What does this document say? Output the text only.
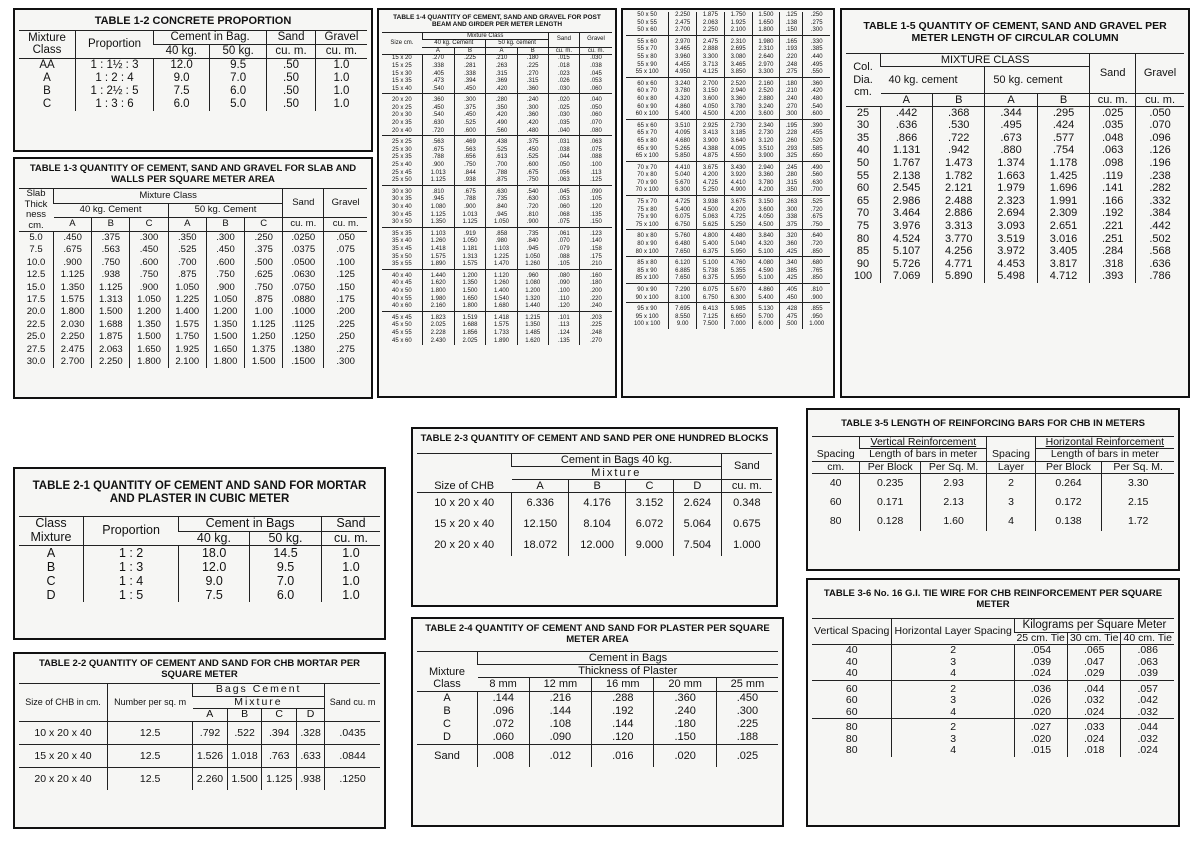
TABLE 1-2 CONCRETE PROPORTION
Mixture Class	Proportion	Cement in Bag.		Sand	Gravel
		40 kg.	50 kg.	cu. m.	cu. m.
AA	1 : 1½ : 3	12.0	9.5	.50	1.0
A	1 : 2 : 4	9.0	7.0	.50	1.0
B	1 : 2½ : 5	7.5	6.0	.50	1.0
C	1 : 3 : 6	6.0	5.0	.50	1.0
TABLE 1-3 QUANTITY OF CEMENT, SAND AND GRAVEL FOR SLAB AND WALLS PER SQUARE METER AREA
Slab Thick ness cm.	Mixture Class						Sand	Gravel
	40 kg. Cement			50 kg. Cement				
	A	B	C	A	B	C	cu. m.	cu. m.
5.0	.450	.375	.300	.350	.300	.250	.0250	.050
7.5	.675	.563	.450	.525	.450	.375	.0375	.075
10.0	.900	.750	.600	.700	.600	.500	.0500	.100
12.5	1.125	.938	.750	.875	.750	.625	.0630	.125
15.0	1.350	1.125	.900	1.050	.900	.750	.0750	.150
17.5	1.575	1.313	1.050	1.225	1.050	.875	.0880	.175
20.0	1.800	1.500	1.200	1.400	1.200	1.00	.1000	.200
22.5	2.030	1.688	1.350	1.575	1.350	1.125	.1125	.225
25.0	2.250	1.875	1.500	1.750	1.500	1.250	.1250	.250
27.5	2.475	2.063	1.650	1.925	1.650	1.375	.1380	.275
30.0	2.700	2.250	1.800	2.100	1.800	1.500	.1500	.300
TABLE 1-4 QUANTITY OF CEMENT, SAND AND GRAVEL FOR POST BEAM AND GIRDER PER METER LENGTH
Size cm.	Mixture Class				Sand	Gravel
	40 kg. Cement		50 kg. cement			
	A	B	A	B	cu. m.	cu. m.
15 x 20	.270	.225	.210	.180	.015	.030
15 x 25	.338	.281	.263	.225	.018	.038
15 x 30	.405	.338	.315	.270	.023	.045
15 x 35	.473	.394	.369	.315	.026	.053
15 x 40	.540	.450	.420	.360	.030	.060
20 x 20	.360	.300	.280	.240	.020	.040
20 x 25	.450	.375	.350	.300	.025	.050
20 x 30	.540	.450	.420	.360	.030	.060
20 x 35	.630	.525	.490	.420	.035	.070
20 x 40	.720	.600	.560	.480	.040	.080
25 x 25	.563	.469	.438	.375	.031	.063
25 x 30	.675	.563	.525	.450	.038	.075
25 x 35	.788	.656	.613	.525	.044	.088
25 x 40	.900	.750	.700	.600	.050	.100
25 x 45	1.013	.844	.788	.675	.056	.113
25 x 50	1.125	.938	.875	.750	.063	.125
30 x 30	.810	.675	.630	.540	.045	.090
30 x 35	.945	.788	.735	.630	.053	.105
30 x 40	1.080	.900	.840	.720	.060	.120
30 x 45	1.125	1.013	.945	.810	.068	.135
30 x 50	1.350	1.125	1.050	.900	.075	.150
35 x 35	1.103	.919	.858	.735	.061	.123
35 x 40	1.260	1.050	.980	.840	.070	.140
35 x 45	1.418	1.181	1.103	.945	.079	.158
35 x 50	1.575	1.313	1.225	1.050	.088	.175
35 x 55	1.890	1.575	1.470	1.260	.105	.210
40 x 40	1.440	1.200	1.120	.960	.080	.160
40 x 45	1.620	1.350	1.260	1.080	.090	.180
40 x 50	1.800	1.500	1.400	1.200	.100	.200
40 x 55	1.980	1.650	1.540	1.320	.110	.220
40 x 60	2.160	1.800	1.680	1.440	.120	.240
45 x 45	1.823	1.519	1.418	1.215	.101	.203
45 x 50	2.025	1.688	1.575	1.350	.113	.225
45 x 55	2.228	1.856	1.733	1.485	.124	.248
45 x 60	2.430	2.025	1.890	1.620	.135	.270
50 x 50	2.250	1.875	1.750	1.500	.125	.250
50 x 55	2.475	2.063	1.925	1.650	.138	.275
50 x 60	2.700	2.250	2.100	1.800	.150	.300
55 x 60	2.970	2.475	2.310	1.980	.165	.330
55 x 70	3.465	2.888	2.695	2.310	.193	.385
55 x 80	3.960	3.300	3.080	2.640	.220	.440
55 x 90	4.455	3.713	3.465	2.970	.248	.495
55 x 100	4.950	4.125	3.850	3.300	.275	.550
60 x 60	3.240	2.700	2.520	2.160	.180	.360
60 x 70	3.780	3.150	2.940	2.520	.210	.420
60 x 80	4.320	3.600	3.360	2.880	.240	.480
60 x 90	4.860	4.050	3.780	3.240	.270	.540
60 x 100	5.400	4.500	4.200	3.600	.300	.600
65 x 60	3.510	2.925	2.730	2.340	.195	.390
65 x 70	4.095	3.413	3.185	2.730	.228	.455
65 x 80	4.680	3.900	3.640	3.120	.260	.520
65 x 90	5.265	4.388	4.095	3.510	.293	.585
65 x 100	5.850	4.875	4.550	3.900	.325	.650
70 x 70	4.410	3.675	3.430	2.940	.245	.490
70 x 80	5.040	4.200	3.920	3.360	.280	.560
70 x 90	5.670	4.725	4.410	3.780	.315	.630
70 x 100	6.300	5.250	4.900	4.200	.350	.700
75 x 70	4.725	3.938	3.675	3.150	.263	.525
75 x 80	5.400	4.500	4.200	3.600	.300	.720
75 x 90	6.075	5.063	4.725	4.050	.338	.675
75 x 100	6.750	5.625	5.250	4.500	.375	.750
80 x 80	5.760	4.800	4.480	3.840	.320	.640
80 x 90	6.480	5.400	5.040	4.320	.360	.720
80 x 100	7.650	6.375	5.950	5.100	.425	.850
85 x 80	6.120	5.100	4.760	4.080	.340	.680
85 x 90	6.885	5.738	5.355	4.590	.385	.765
85 x 100	7.650	6.375	5.950	5.100	.425	.850
90 x 90	7.290	6.075	5.670	4.860	.405	.810
90 x 100	8.100	6.750	6.300	5.400	.450	.900
95 x 90	7.695	6.413	5.985	5.130	.428	.855
95 x 100	8.550	7.125	6.650	5.700	.475	.950
100 x 100	9.00	7.500	7.000	6.000	.500	1.000
TABLE 1-5 QUANTITY OF CEMENT, SAND AND GRAVEL PER METER LENGTH OF CIRCULAR COLUMN
Col. Dia. cm.	MIXTURE CLASS				Sand	Gravel
	40 kg. cement		50 kg. cement			
	A	B	A	B	cu. m.	cu. m.
25	.442	.368	.344	.295	.025	.050
30	.636	.530	.495	.424	.035	.070
35	.866	.722	.673	.577	.048	.096
40	1.131	.942	.880	.754	.063	.126
50	1.767	1.473	1.374	1.178	.098	.196
55	2.138	1.782	1.663	1.425	.119	.238
60	2.545	2.121	1.979	1.696	.141	.282
65	2.986	2.488	2.323	1.991	.166	.332
70	3.464	2.886	2.694	2.309	.192	.384
75	3.976	3.313	3.093	2.651	.221	.442
80	4.524	3.770	3.519	3.016	.251	.502
85	5.107	4.256	3.972	3.405	.284	.568
90	5.726	4.771	4.453	3.817	.318	.636
100	7.069	5.890	5.498	4.712	.393	.786
TABLE 2-1 QUANTITY OF CEMENT AND SAND FOR MORTAR AND PLASTER IN CUBIC METER
Class Mixture	Proportion	Cement in Bags		Sand
		40 kg.	50 kg.	cu. m.
A	1 : 2	18.0	14.5	1.0
B	1 : 3	12.0	9.5	1.0
C	1 : 4	9.0	7.0	1.0
D	1 : 5	7.5	6.0	1.0
TABLE 2-2 QUANTITY OF CEMENT AND SAND FOR CHB MORTAR PER SQUARE METER
Size of CHB in cm.	Number per sq. m	Bags Cement				Sand cu. m
		Mixture				
		A	B	C	D	
10 x 20 x 40	12.5	.792	.522	.394	.328	.0435
15 x 20 x 40	12.5	1.526	1.018	.763	.633	.0844
20 x 20 x 40	12.5	2.260	1.500	1.125	.938	.1250
TABLE 2-3 QUANTITY OF CEMENT AND SAND PER ONE HUNDRED BLOCKS
Size of CHB	Cement in Bags 40 kg.				Sand
	Mixture				
	A	B	C	D	cu. m.
10 x 20 x 40	6.336	4.176	3.152	2.624	0.348
15 x 20 x 40	12.150	8.104	6.072	5.064	0.675
20 x 20 x 40	18.072	12.000	9.000	7.504	1.000
TABLE 2-4 QUANTITY OF CEMENT AND SAND FOR PLASTER PER SQUARE METER AREA
Mixture Class	Cement in Bags				
	Thickness of Plaster				
	8 mm	12 mm	16 mm	20 mm	25 mm
A	.144	.216	.288	.360	.450
B	.096	.144	.192	.240	.300
C	.072	.108	.144	.180	.225
D	.060	.090	.120	.150	.188
Sand	.008	.012	.016	.020	.025
TABLE 3-5 LENGTH OF REINFORCING BARS FOR CHB IN METERS
Spacing	Vertical Reinforcement		Spacing	Horizontal Reinforcement	
	Length of bars in meter			Length of bars in meter	
cm.	Per Block	Per Sq. M.	Layer	Per Block	Per Sq. M.
40	0.235	2.93	2	0.264	3.30
60	0.171	2.13	3	0.172	2.15
80	0.128	1.60	4	0.138	1.72
TABLE 3-6 No. 16 G.I. TIE WIRE FOR CHB REINFORCEMENT PER SQUARE METER
Vertical Spacing	Horizontal Layer Spacing	Kilograms per Square Meter		
		25 cm. Tie	30 cm. Tie	40 cm. Tie
40	2	.054	.065	.086
40	3	.039	.047	.063
40	4	.024	.029	.039
60	2	.036	.044	.057
60	3	.026	.032	.042
60	4	.020	.024	.032
80	2	.027	.033	.044
80	3	.020	.024	.032
80	4	.015	.018	.024
